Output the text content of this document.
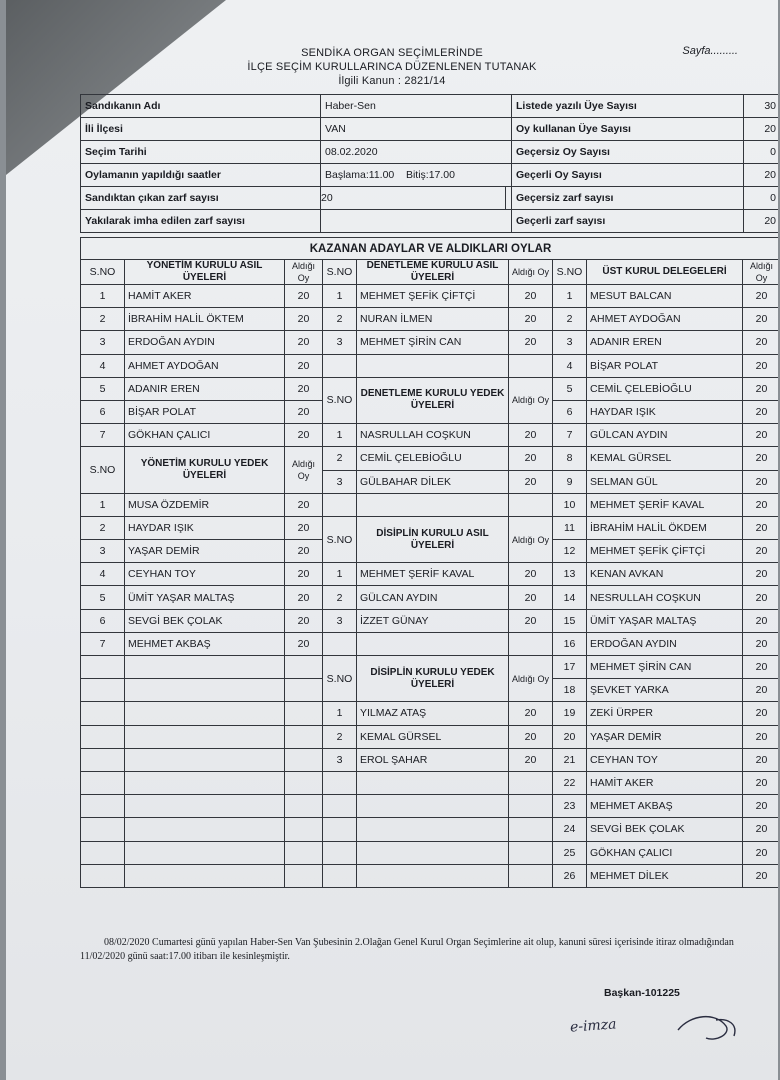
SENDİKA ORGAN SEÇİMLERİNDE
İLÇE SEÇİM KURULLARINCA DÜZENLENEN TUTANAK
İlgili Kanun : 2821/14
Sayfa.........
Sandıkanın Adı	Haber-Sen		Listede yazılı Üye Sayısı	30
İli İlçesi	VAN		Oy kullanan Üye Sayısı	20
Seçim Tarihi	08.02.2020		Geçersiz Oy Sayısı	0
Oylamanın yapıldığı saatler	Başlama:11.00 Bitiş:17.00		Geçerli Oy Sayısı	20
Sandıktan çıkan zarf sayısı	20		Geçersiz zarf sayısı	0
Yakılarak imha edilen zarf sayısı			Geçerli zarf sayısı	20
KAZANAN ADAYLAR VE ALDIKLARI OYLAR								
S.NO	YÖNETİM KURULU ASIL ÜYELERİ	Aldığı Oy	S.NO	DENETLEME KURULU ASIL ÜYELERİ	Aldığı Oy	S.NO	ÜST KURUL DELEGELERİ	Aldığı Oy

1	HAMİT AKER	20	1	MEHMET ŞEFİK ÇİFTÇİ	20	1	MESUT BALCAN	20
2	İBRAHİM HALİL ÖKTEM	20	2	NURAN İLMEN	20	2	AHMET AYDOĞAN	20
3	ERDOĞAN AYDIN	20	3	MEHMET ŞİRİN CAN	20	3	ADANIR EREN	20
4	AHMET AYDOĞAN	20				4	BİŞAR POLAT	20
5	ADANIR EREN	20	S.NO	DENETLEME KURULU YEDEK ÜYELERİ	Aldığı Oy	5	CEMİL ÇELEBİOĞLU	20
6	BİŞAR POLAT	20				6	HAYDAR IŞIK	20
7	GÖKHAN ÇALICI	20	1	NASRULLAH COŞKUN	20	7	GÜLCAN AYDIN	20
S.NO	YÖNETİM KURULU YEDEK ÜYELERİ	Aldığı Oy	2	CEMİL ÇELEBİOĞLU	20	8	KEMAL GÜRSEL	20
			3	GÜLBAHAR DİLEK	20	9	SELMAN GÜL	20
1	MUSA ÖZDEMİR	20				10	MEHMET ŞERİF KAVAL	20
2	HAYDAR IŞIK	20	S.NO	DİSİPLİN KURULU ASIL ÜYELERİ	Aldığı Oy	11	İBRAHİM HALİL ÖKDEM	20
3	YAŞAR DEMİR	20				12	MEHMET ŞEFİK ÇİFTÇİ	20
4	CEYHAN TOY	20	1	MEHMET ŞERİF KAVAL	20	13	KENAN AVKAN	20
5	ÜMİT YAŞAR MALTAŞ	20	2	GÜLCAN AYDIN	20	14	NESRULLAH COŞKUN	20
6	SEVGİ BEK ÇOLAK	20	3	İZZET GÜNAY	20	15	ÜMİT YAŞAR MALTAŞ	20
7	MEHMET AKBAŞ	20				16	ERDOĞAN AYDIN	20
			S.NO	DİSİPLİN KURULU YEDEK ÜYELERİ	Aldığı Oy	17	MEHMET ŞİRİN CAN	20
						18	ŞEVKET YARKA	20
			1	YILMAZ ATAŞ	20	19	ZEKİ ÜRPER	20
			2	KEMAL GÜRSEL	20	20	YAŞAR DEMİR	20
			3	EROL ŞAHAR	20	21	CEYHAN TOY	20
						22	HAMİT AKER	20
						23	MEHMET AKBAŞ	20
						24	SEVGİ BEK ÇOLAK	20
						25	GÖKHAN ÇALICI	20
						26	MEHMET DİLEK	20
08/02/2020 Cumartesi günü yapılan Haber-Sen Van Şubesinin 2.Olağan Genel Kurul Organ Seçimlerine ait olup, kanuni süresi içerisinde itiraz olmadığından 11/02/2020 günü saat:17.00 itibarı ile kesinleşmiştir.
Başkan-101225
e-imza
